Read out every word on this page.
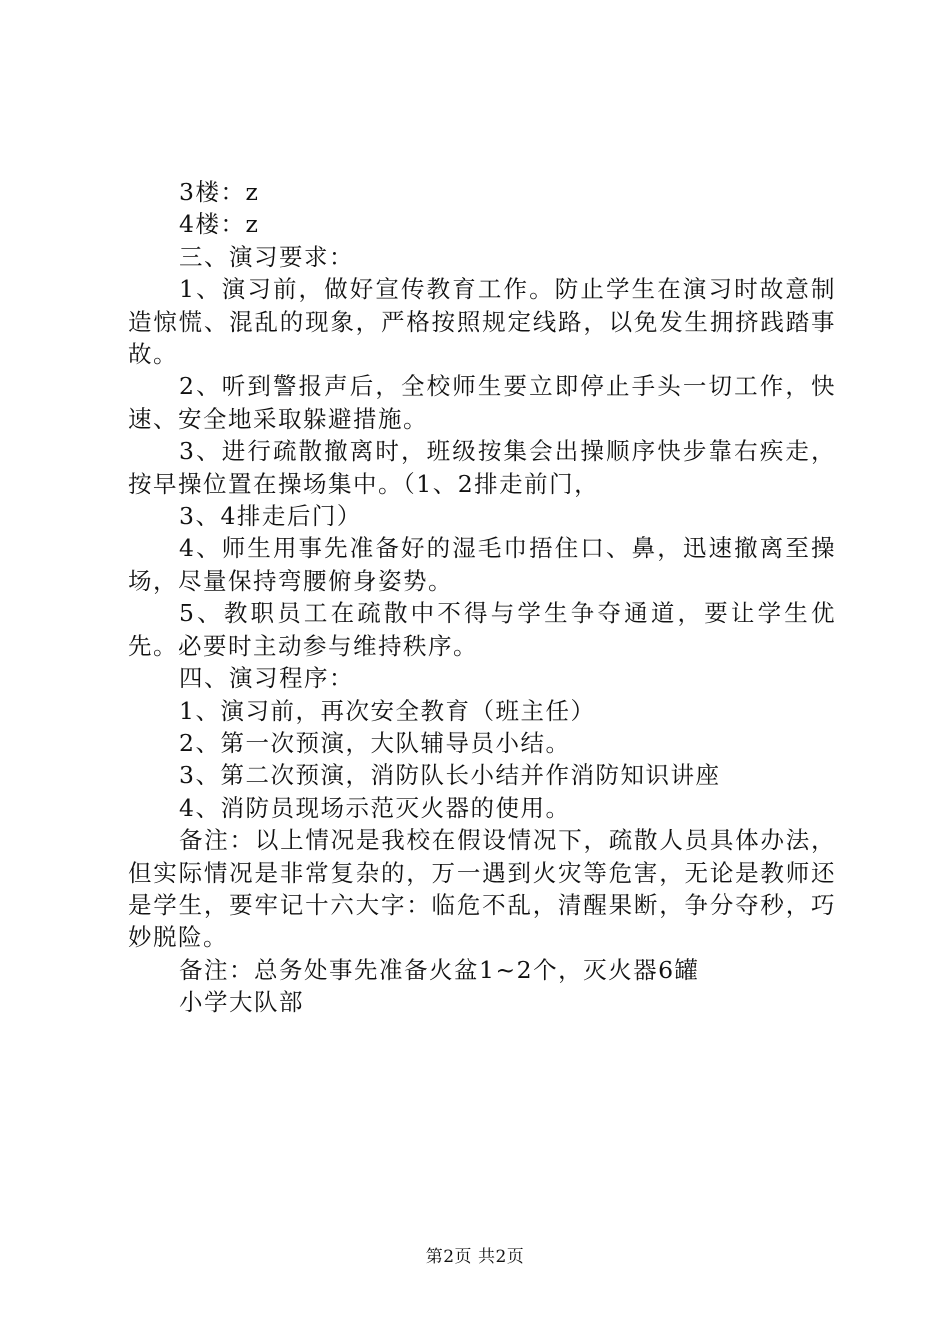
3楼：z

4楼：z

三、演习要求：

1、演习前，做好宣传教育工作。防止学生在演习时故意制造惊慌、混乱的现象，严格按照规定线路，以免发生拥挤践踏事故。

2、听到警报声后，全校师生要立即停止手头一切工作，快速、安全地采取躲避措施。

3、进行疏散撤离时，班级按集会出操顺序快步靠右疾走，按早操位置在操场集中。（1、2排走前门，

3、4排走后门）

4、师生用事先准备好的湿毛巾捂住口、鼻，迅速撤离至操场，尽量保持弯腰俯身姿势。

5、教职员工在疏散中不得与学生争夺通道，要让学生优先。必要时主动参与维持秩序。

四、演习程序：

1、演习前，再次安全教育（班主任）

2、第一次预演，大队辅导员小结。

3、第二次预演，消防队长小结并作消防知识讲座

4、消防员现场示范灭火器的使用。

备注：以上情况是我校在假设情况下，疏散人员具体办法，但实际情况是非常复杂的，万一遇到火灾等危害，无论是教师还是学生，要牢记十六大字：临危不乱，清醒果断，争分夺秒，巧妙脱险。

备注：总务处事先准备火盆1~2个，灭火器6罐

小学大队部

第2页 共2页
